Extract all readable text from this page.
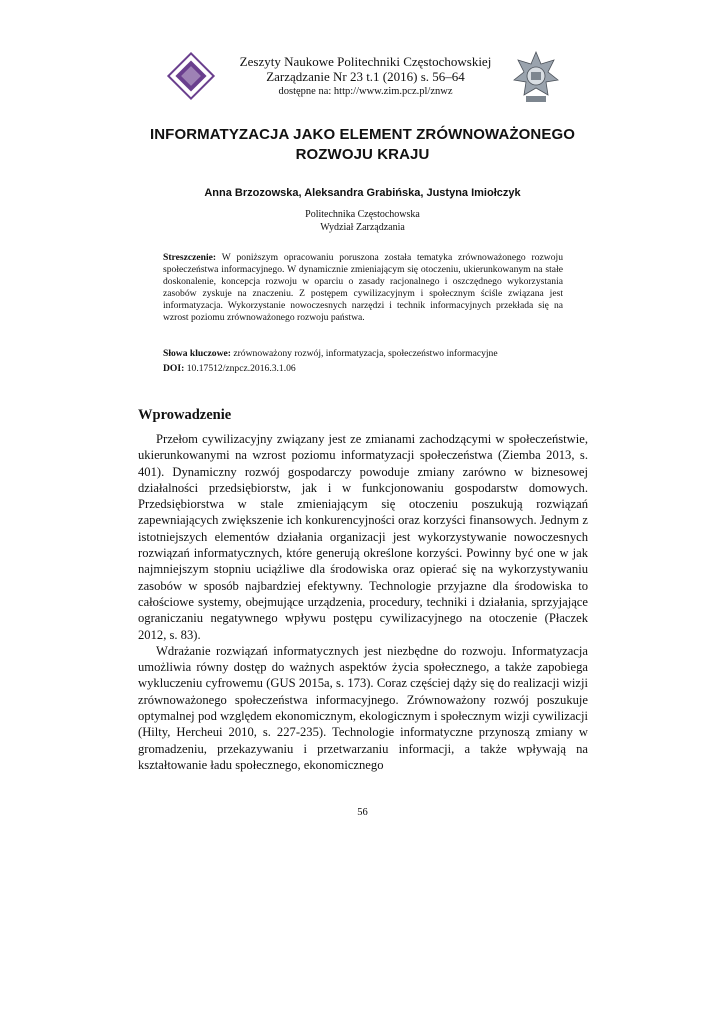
Zeszyty Naukowe Politechniki Częstochowskiej
Zarządzanie Nr 23 t.1 (2016) s. 56–64
dostępne na: http://www.zim.pcz.pl/znwz
INFORMATYZACJA JAKO ELEMENT ZRÓWNOWAŻONEGO
ROZWOJU KRAJU
Anna Brzozowska, Aleksandra Grabińska, Justyna Imiołczyk
Politechnika Częstochowska
Wydział Zarządzania

Streszczenie: W poniższym opracowaniu poruszona została tematyka zrównoważonego rozwoju społeczeństwa informacyjnego. W dynamicznie zmieniającym się otoczeniu, ukierunkowanym na stałe doskonalenie, koncepcja rozwoju w oparciu o zasady racjonalnego i oszczędnego wykorzystania zasobów zyskuje na znaczeniu. Z postępem cywilizacyjnym i społecznym ściśle związana jest informatyzacja. Wykorzystanie nowoczesnych narzędzi i technik informacyjnych przekłada się na wzrost poziomu zrównoważonego rozwoju państwa.

Słowa kluczowe: zrównoważony rozwój, informatyzacja, społeczeństwo informacyjne
DOI: 10.17512/znpcz.2016.3.1.06
Wprowadzenie

Przełom cywilizacyjny związany jest ze zmianami zachodzącymi w społeczeństwie, ukierunkowanymi na wzrost poziomu informatyzacji społeczeństwa (Ziemba 2013, s. 401). Dynamiczny rozwój gospodarczy powoduje zmiany zarówno w biznesowej działalności przedsiębiorstw, jak i w funkcjonowaniu gospodarstw domowych. Przedsiębiorstwa w stale zmieniającym się otoczeniu poszukują rozwiązań zapewniających zwiększenie ich konkurencyjności oraz korzyści finansowych. Jednym z istotniejszych elementów działania organizacji jest wykorzystywanie nowoczesnych rozwiązań informatycznych, które generują określone korzyści. Powinny być one w jak najmniejszym stopniu uciążliwe dla środowiska oraz opierać się na wykorzystywaniu zasobów w sposób najbardziej efektywny. Technologie przyjazne dla środowiska to całościowe systemy, obejmujące urządzenia, procedury, techniki i działania, sprzyjające ograniczaniu negatywnego wpływu postępu cywilizacyjnego na otoczenie (Płaczek 2012, s. 83).

Wdrażanie rozwiązań informatycznych jest niezbędne do rozwoju. Informatyzacja umożliwia równy dostęp do ważnych aspektów życia społecznego, a także zapobiega wykluczeniu cyfrowemu (GUS 2015a, s. 173). Coraz częściej dąży się do realizacji wizji zrównoważonego społeczeństwa informacyjnego. Zrównoważony rozwój poszukuje optymalnej pod względem ekonomicznym, ekologicznym i społecznym wizji cywilizacji (Hilty, Hercheui 2010, s. 227-235). Technologie informatyczne przynoszą zmiany w gromadzeniu, przekazywaniu i przetwarzaniu informacji, a także wpływają na kształtowanie ładu społecznego, ekonomicznego

56
